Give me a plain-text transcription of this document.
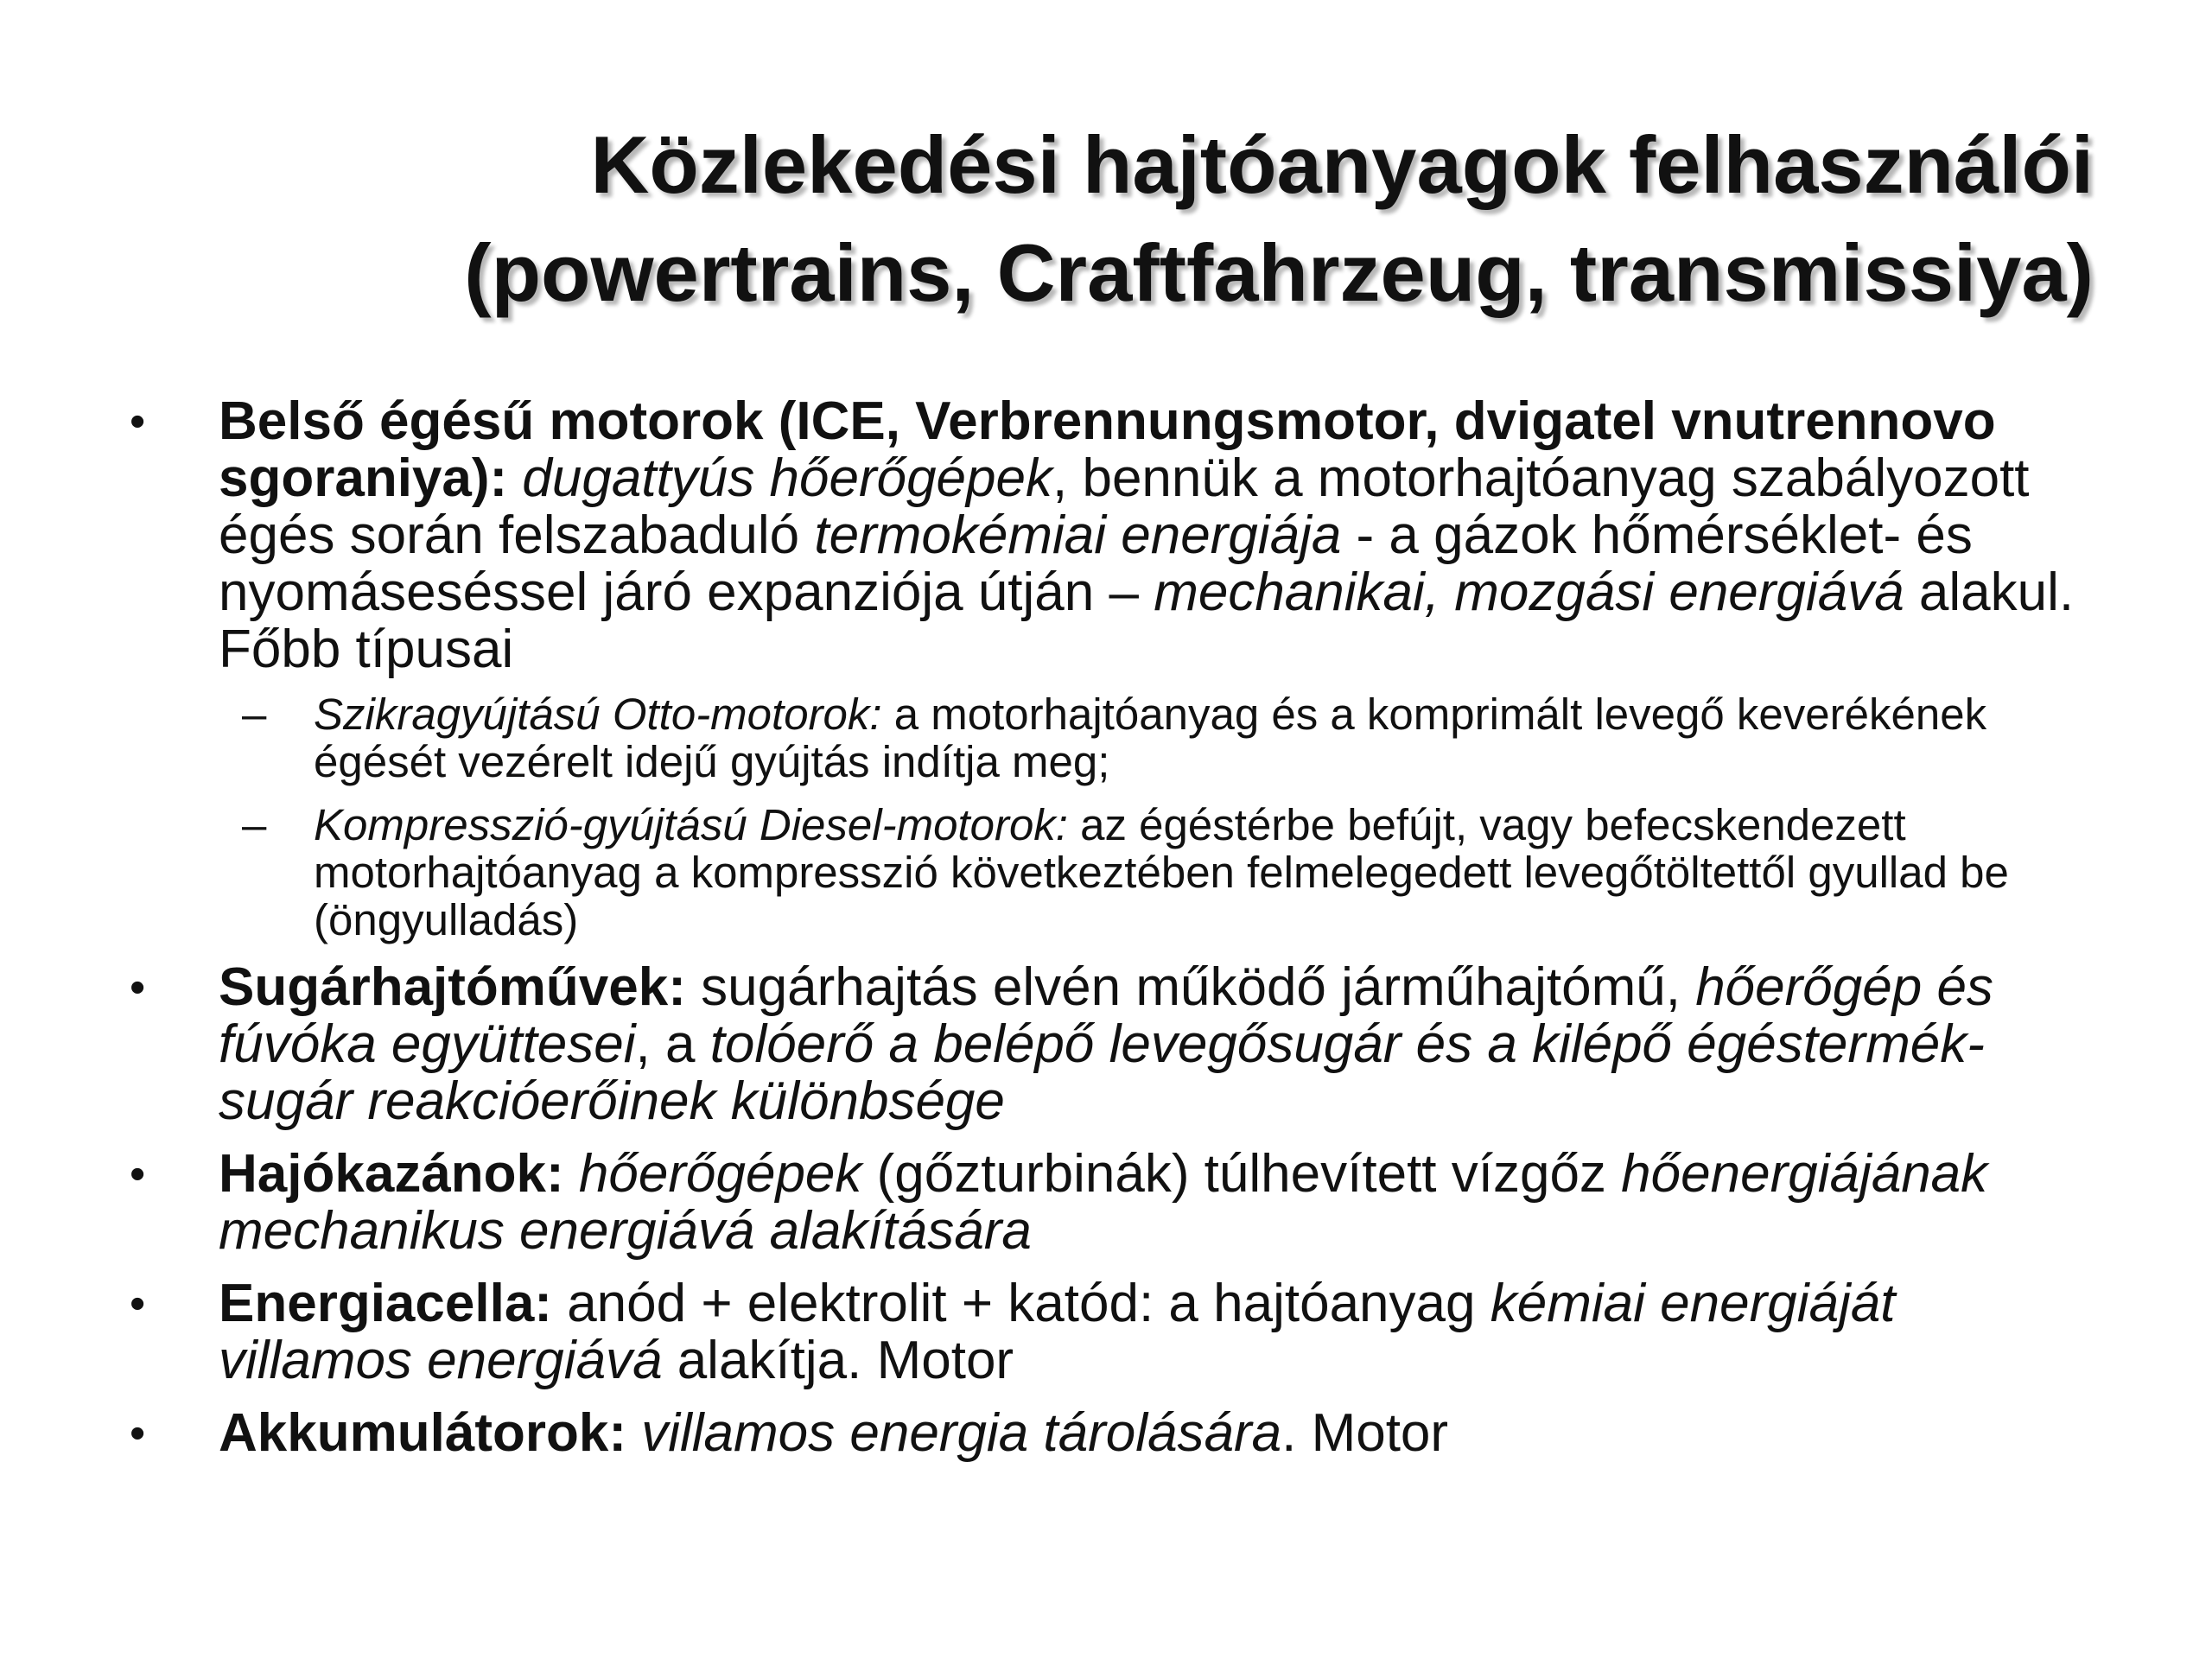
Közlekedési hajtóanyagok felhasználói
(powertrains, Craftfahrzeug, transmissiya)
•	Belső égésű motorok (ICE, Verbrennungsmotor, dvigatel vnutrennovo sgoraniya): dugattyús hőerőgépek, bennük a motorhajtóanyag szabályozott égés során felszabaduló termokémiai energiája - a gázok hőmérséklet- és nyomáseséssel járó expanziója útján – mechanikai, mozgási energiává alakul. Főbb típusai
– Szikragyújtású Otto-motorok: a motorhajtóanyag és a komprimált levegő keverékének égését vezérelt idejű gyújtás indítja meg;
– Kompresszió-gyújtású Diesel-motorok: az égéstérbe befújt, vagy befecskendezett motorhajtóanyag a kompresszió következtében felmelegedett levegőtöltettől gyullad be (öngyulladás)
•	Sugárhajtóművek: sugárhajtás elvén működő járműhajtómű, hőerőgép és fúvóka együttesei, a tolóerő a belépő levegősugár és a kilépő égéstermék-sugár reakcióerőinek különbsége
•	Hajókazánok: hőerőgépek (gőzturbinák) túlhevített vízgőz hőenergiájának mechanikus energiává alakítására
•	Energiacella: anód + elektrolit + katód: a hajtóanyag kémiai energiáját villamos energiává alakítja. Motor
•	Akkumulátorok: villamos energia tárolására. Motor
